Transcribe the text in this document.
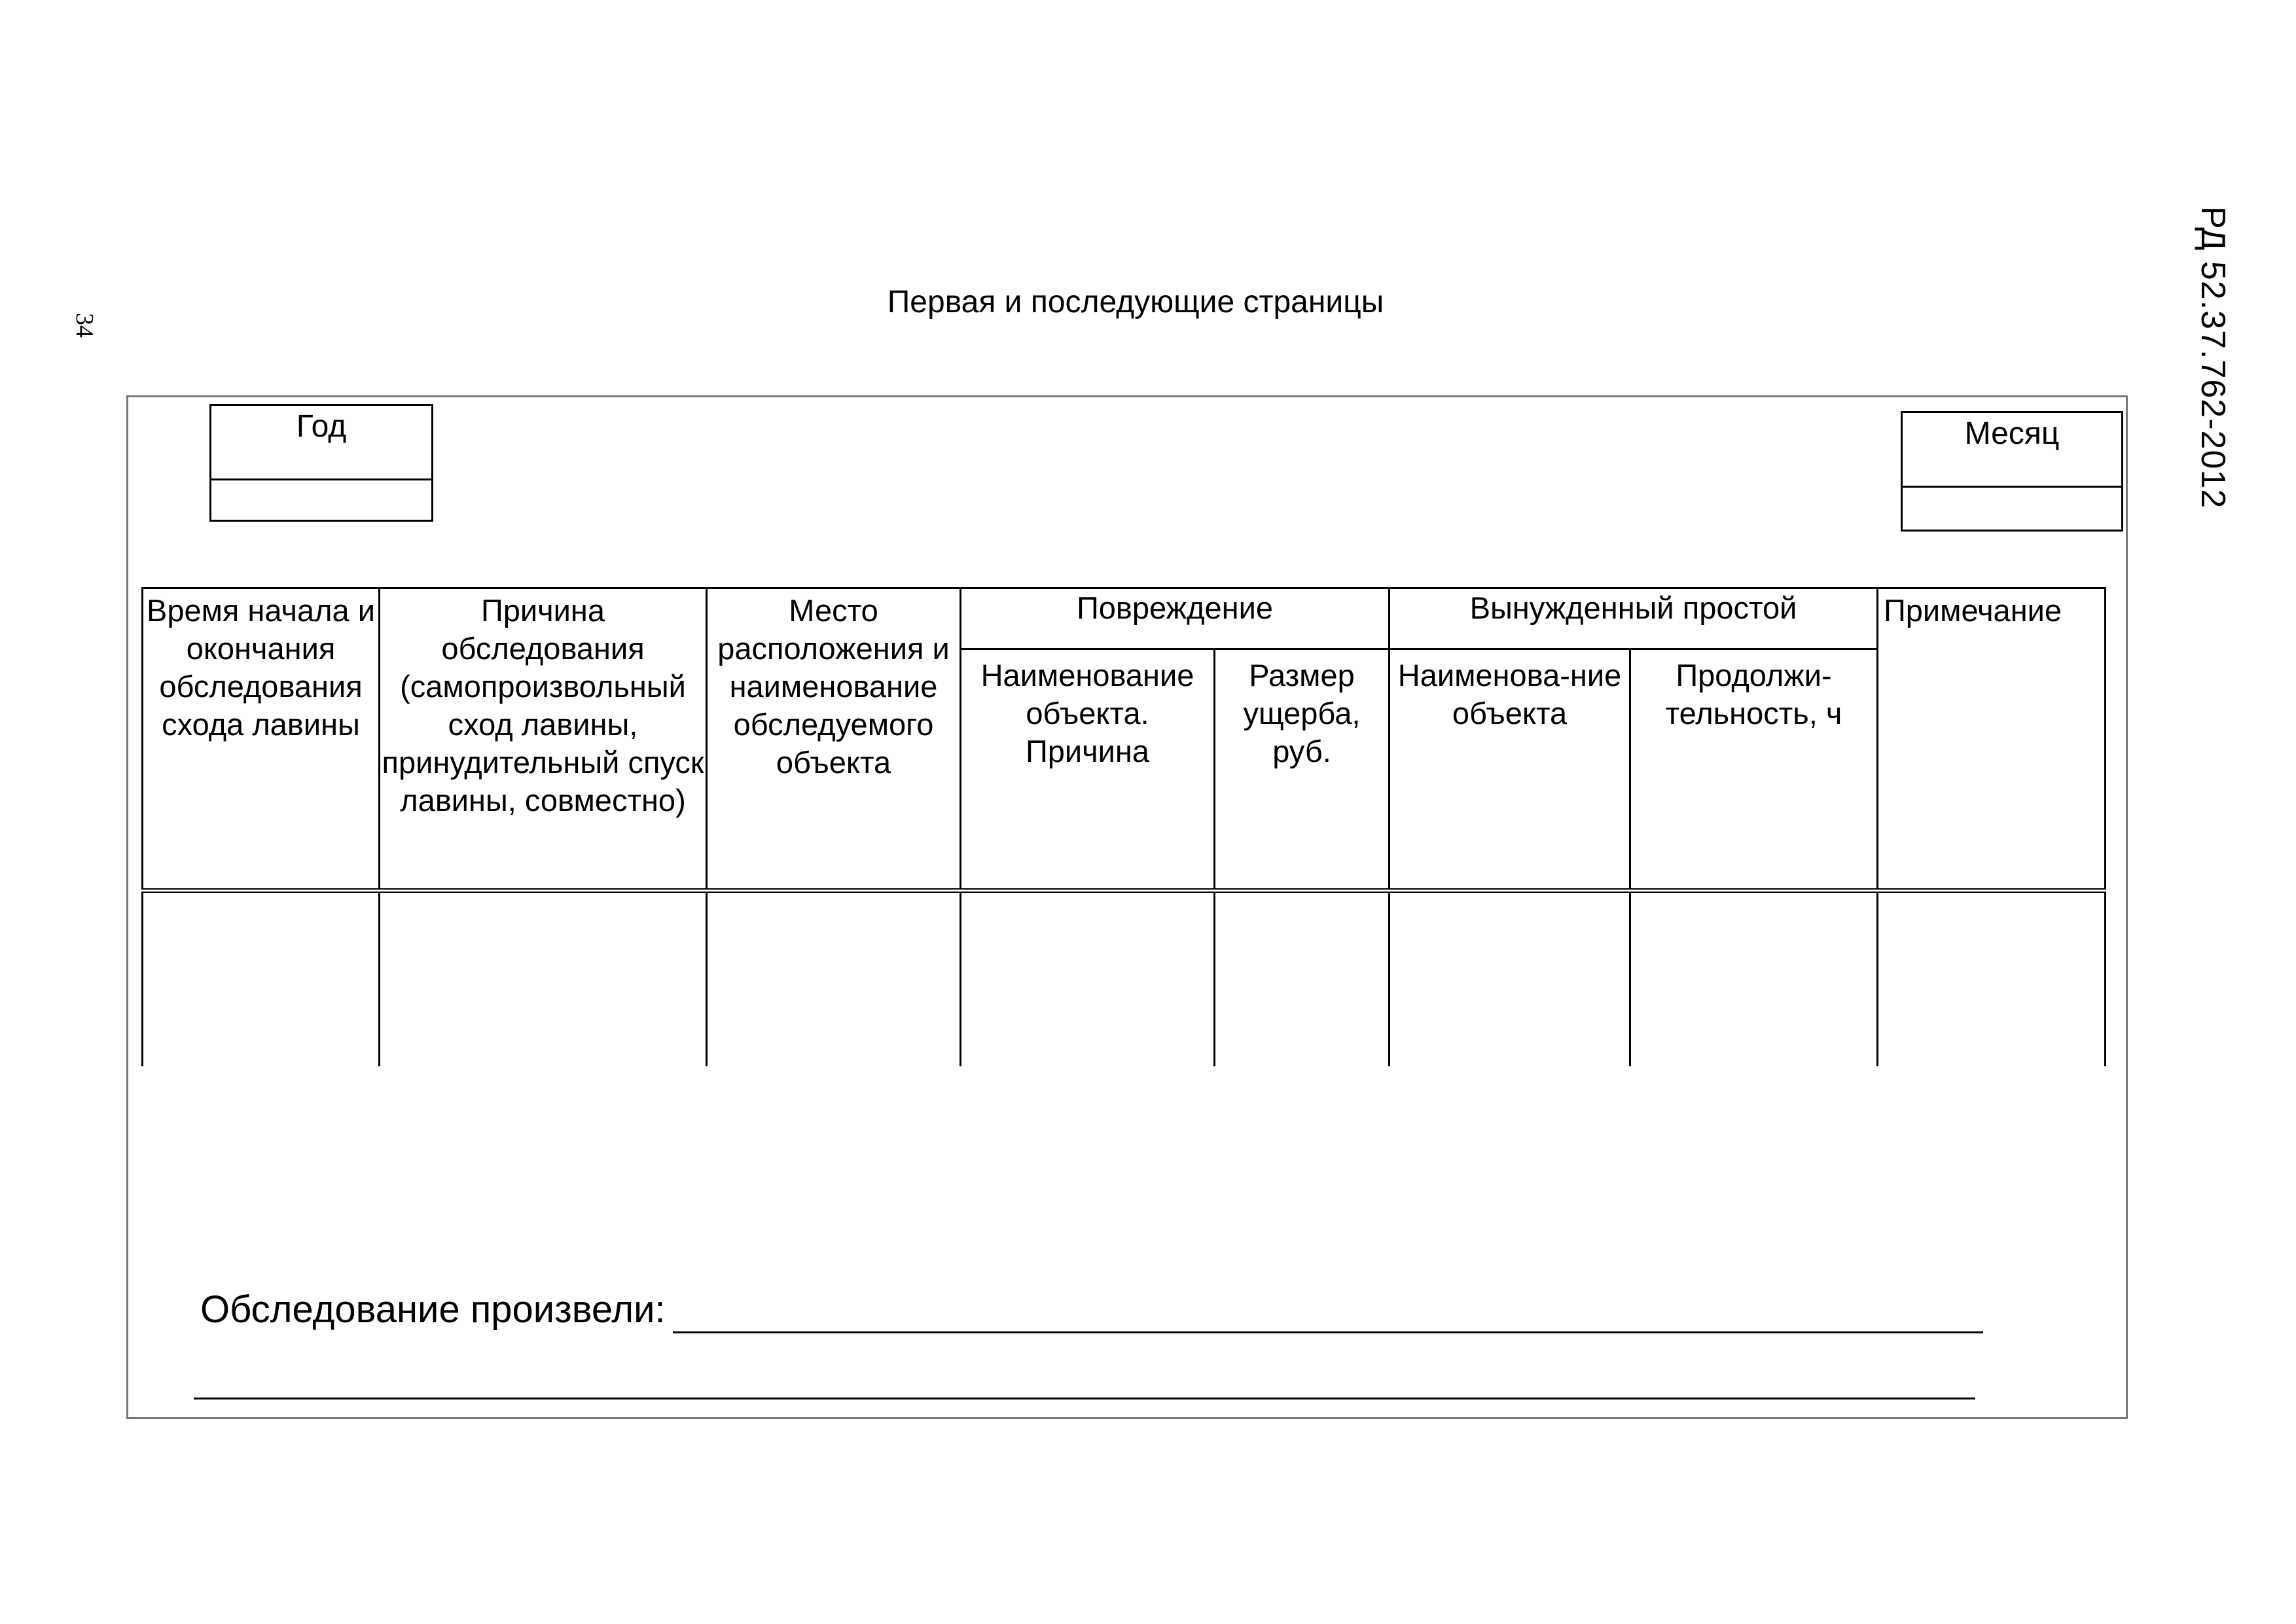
34	РД 52.37.762-2012
Первая и последующие страницы
Год	Месяц
Время начала и окончания обследования схода лавины	Причина обследования (самопроизвольный сход лавины, принудительный спуск лавины, совместно)	Место расположения и наименование обследуемого объекта	Повреждение		Вынужденный простой		Примечание
			Наименование объекта. Причина	Размер ущерба, руб.	Наименова-ние объекта	Продолжи-тельность, ч	

Обследование произвели:
